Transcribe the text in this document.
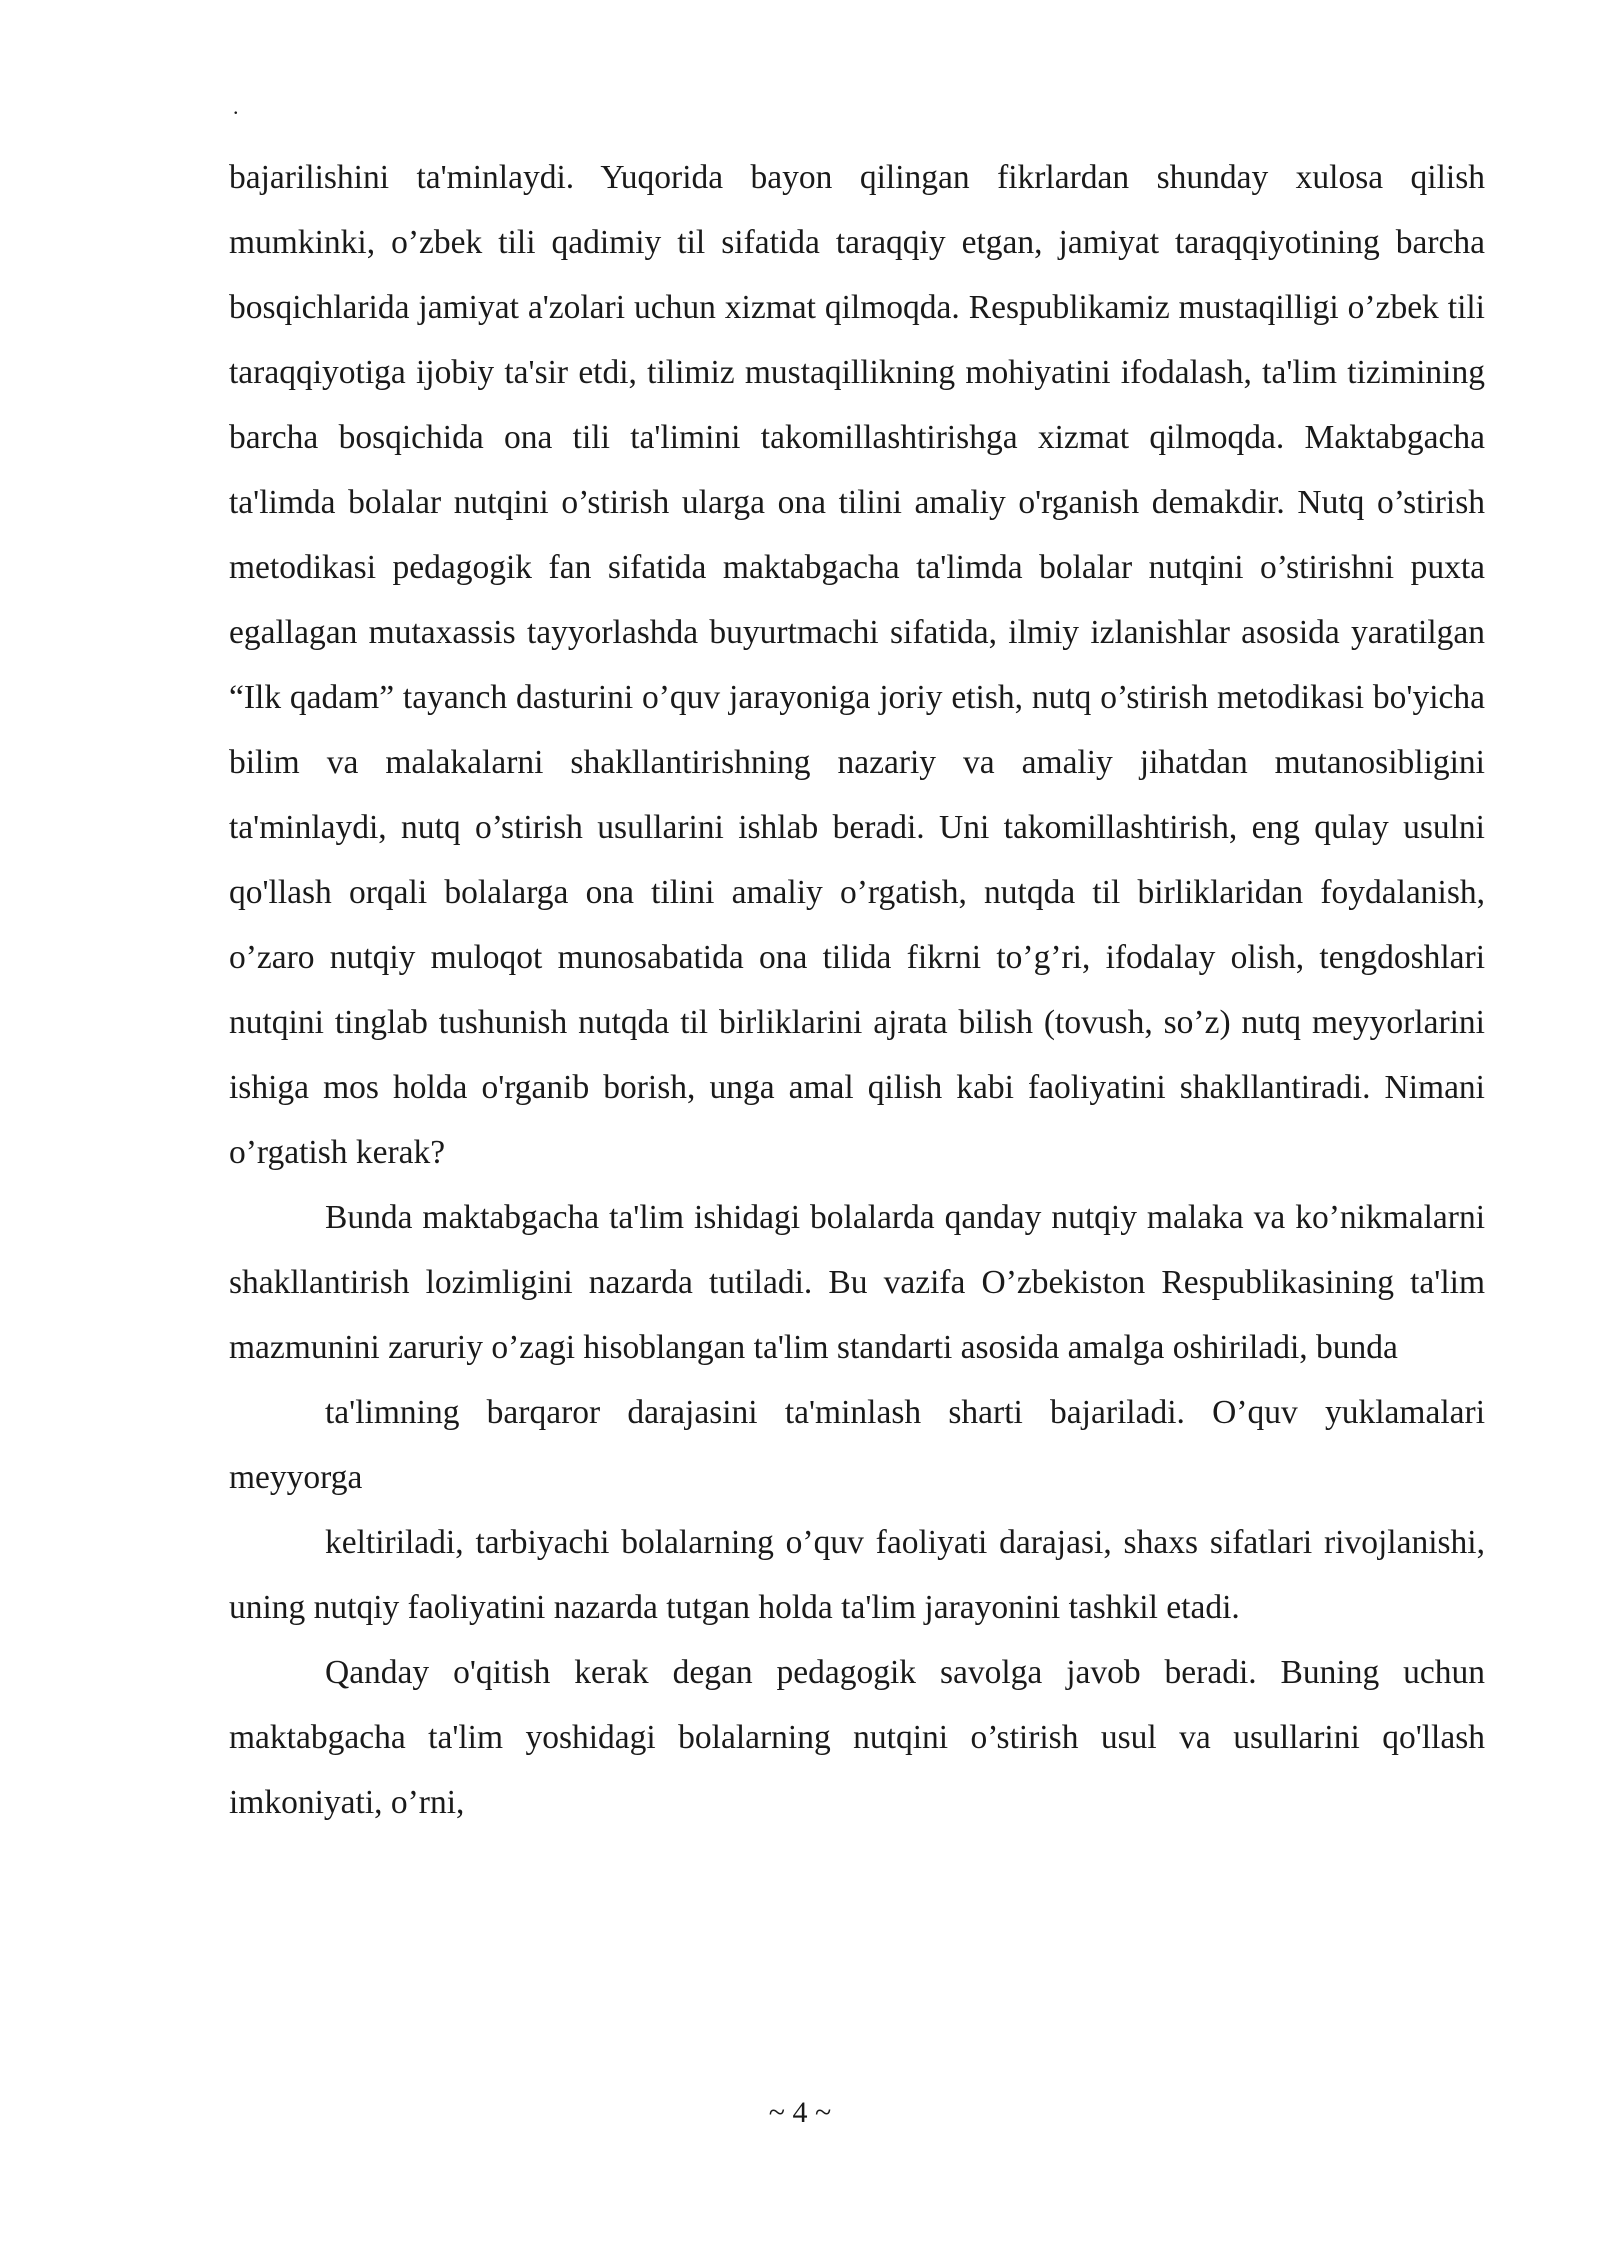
.

bajarilishini ta'minlaydi. Yuqorida bayon qilingan fikrlardan shunday xulosa qilish mumkinki, o’zbek tili qadimiy til sifatida taraqqiy etgan, jamiyat taraqqiyotining barcha bosqichlarida jamiyat a'zolari uchun xizmat qilmoqda. Respublikamiz mustaqilligi o’zbek tili taraqqiyotiga ijobiy ta'sir etdi, tilimiz mustaqillikning mohiyatini ifodalash, ta'lim tizimining barcha bosqichida ona tili ta'limini takomillashtirishga xizmat qilmoqda. Maktabgacha ta'limda bolalar nutqini o’stirish ularga ona tilini amaliy o'rganish demakdir. Nutq o’stirish metodikasi pedagogik fan sifatida maktabgacha ta'limda bolalar nutqini o’stirishni puxta egallagan mutaxassis tayyorlashda buyurtmachi sifatida, ilmiy izlanishlar asosida yaratilgan “Ilk qadam” tayanch dasturini o’quv jarayoniga joriy etish, nutq o’stirish metodikasi bo'yicha bilim va malakalarni shakllantirishning nazariy va amaliy jihatdan mutanosibligini ta'minlaydi, nutq o’stirish usullarini ishlab beradi. Uni takomillashtirish, eng qulay usulni qo'llash orqali bolalarga ona tilini amaliy o’rgatish, nutqda til birliklaridan foydalanish, o’zaro nutqiy muloqot munosabatida ona tilida fikrni to’g’ri, ifodalay olish, tengdoshlari nutqini tinglab tushunish nutqda til birliklarini ajrata bilish (tovush, so’z) nutq meyyorlarini ishiga mos holda o'rganib borish, unga amal qilish kabi faoliyatini shakllantiradi. Nimani o’rgatish kerak?

Bunda maktabgacha ta'lim ishidagi bolalarda qanday nutqiy malaka va ko’nikmalarni shakllantirish lozimligini nazarda tutiladi. Bu vazifa O’zbekiston Respublikasining ta'lim mazmunini zaruriy o’zagi hisoblangan ta'lim standarti asosida amalga oshiriladi, bunda

ta'limning barqaror darajasini ta'minlash sharti bajariladi. O’quv yuklamalari meyyorga

keltiriladi, tarbiyachi bolalarning o’quv faoliyati darajasi, shaxs sifatlari rivojlanishi, uning nutqiy faoliyatini nazarda tutgan holda ta'lim jarayonini tashkil etadi.

Qanday o'qitish kerak degan pedagogik savolga javob beradi. Buning uchun maktabgacha ta'lim yoshidagi bolalarning nutqini o’stirish usul va usullarini qo'llash imkoniyati, o’rni,

~ 4 ~
